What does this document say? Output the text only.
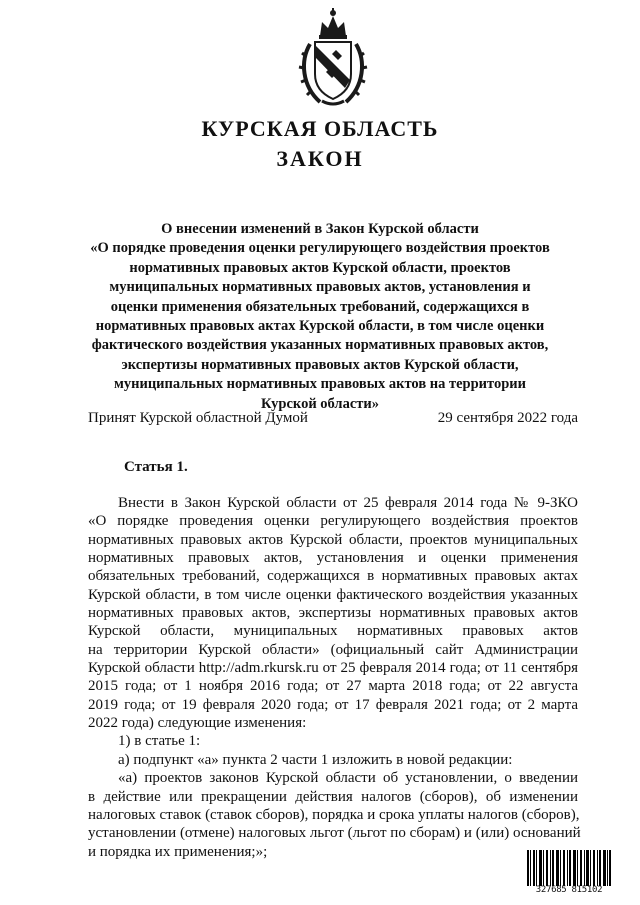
КУРСКАЯ ОБЛАСТЬ
ЗАКОН
О внесении изменений в Закон Курской области
«О порядке проведения оценки регулирующего воздействия проектов
нормативных правовых актов Курской области, проектов
муниципальных нормативных правовых актов, установления и
оценки применения обязательных требований, содержащихся в
нормативных правовых актах Курской области, в том числе оценки
фактического воздействия указанных нормативных правовых актов,
экспертизы нормативных правовых актов Курской области,
муниципальных нормативных правовых актов на территории
Курской области»
Принят Курской областной Думой	29 сентября 2022 года
Статья 1.
Внести в Закон Курской области от 25 февраля 2014 года № 9-ЗКО
«О порядке проведения оценки регулирующего воздействия проектов
нормативных правовых актов Курской области, проектов муниципальных
нормативных правовых актов, установления и оценки применения
обязательных требований, содержащихся в нормативных правовых актах
Курской области, в том числе оценки фактического воздействия указанных
нормативных правовых актов, экспертизы нормативных правовых актов
Курской области, муниципальных нормативных правовых актов
на территории Курской области» (официальный сайт Администрации
Курской области http://adm.rkursk.ru от 25 февраля 2014 года; от 11 сентября
2015 года; от 1 ноября 2016 года; от 27 марта 2018 года; от 22 августа
2019 года; от 19 февраля 2020 года; от 17 февраля 2021 года; от 2 марта
2022 года) следующие изменения:
1) в статье 1:
а) подпункт «а» пункта 2 части 1 изложить в новой редакции:
«а) проектов законов Курской области об установлении, о введении
в действие или прекращении действия налогов (сборов), об изменении
налоговых ставок (ставок сборов), порядка и срока уплаты налогов (сборов),
установлении (отмене) налоговых льгот (льгот по сборам) и (или) оснований
и порядка их применения;»;
327685 815102
